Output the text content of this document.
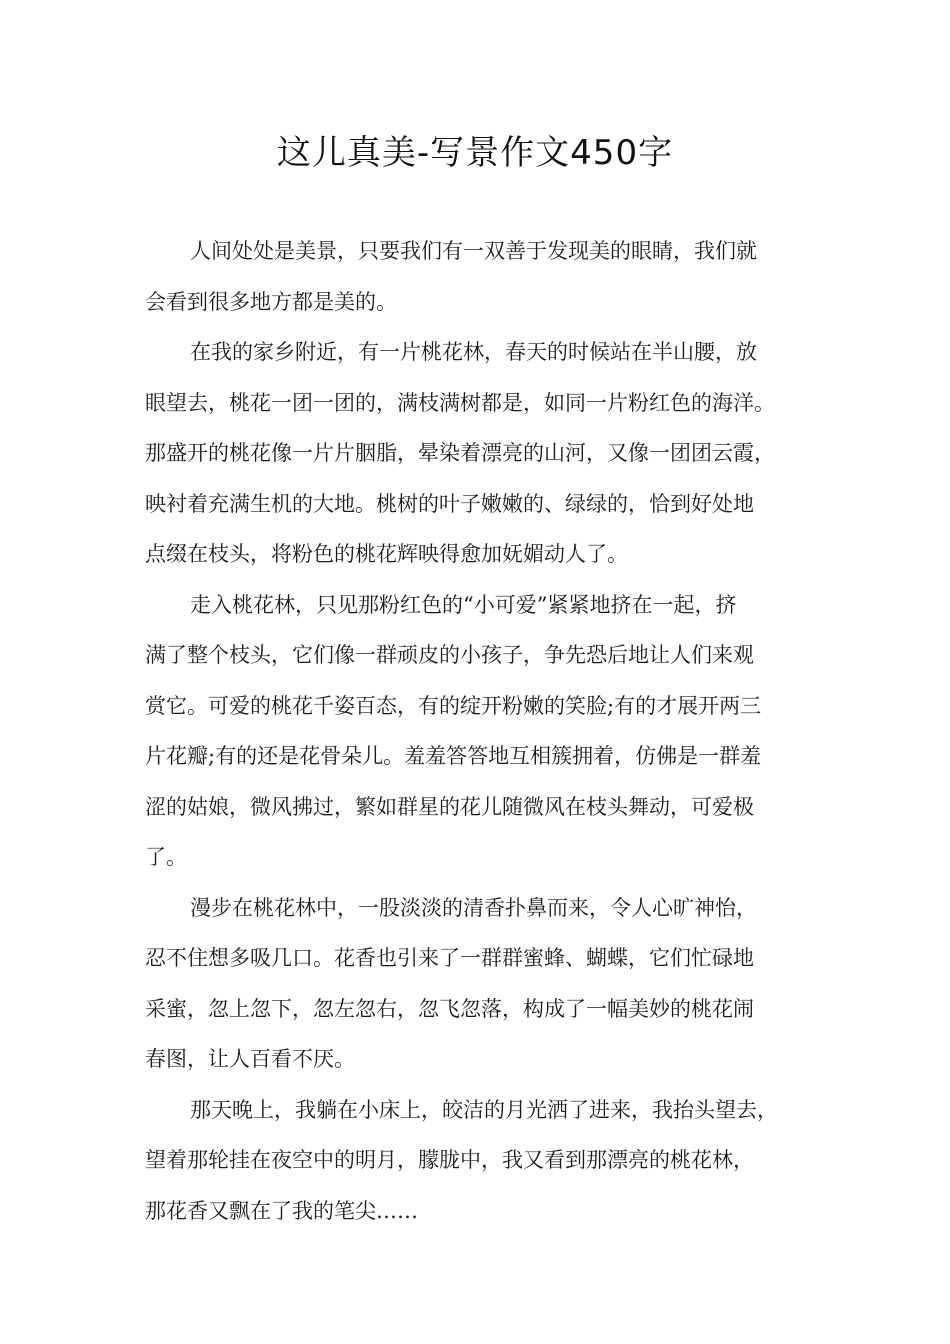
这儿真美-写景作文450字
人间处处是美景，只要我们有一双善于发现美的眼睛，我们就
会看到很多地方都是美的。
在我的家乡附近，有一片桃花林，春天的时候站在半山腰，放
眼望去，桃花一团一团的，满枝满树都是，如同一片粉红色的海洋。
那盛开的桃花像一片片胭脂，晕染着漂亮的山河，又像一团团云霞，
映衬着充满生机的大地。桃树的叶子嫩嫩的、绿绿的，恰到好处地
点缀在枝头，将粉色的桃花辉映得愈加妩媚动人了。
走入桃花林，只见那粉红色的“小可爱”紧紧地挤在一起，挤
满了整个枝头，它们像一群顽皮的小孩子，争先恐后地让人们来观
赏它。可爱的桃花千姿百态，有的绽开粉嫩的笑脸;有的才展开两三
片花瓣;有的还是花骨朵儿。羞羞答答地互相簇拥着，仿佛是一群羞
涩的姑娘，微风拂过，繁如群星的花儿随微风在枝头舞动，可爱极
了。
漫步在桃花林中，一股淡淡的清香扑鼻而来，令人心旷神怡，
忍不住想多吸几口。花香也引来了一群群蜜蜂、蝴蝶，它们忙碌地
采蜜，忽上忽下，忽左忽右，忽飞忽落，构成了一幅美妙的桃花闹
春图，让人百看不厌。
那天晚上，我躺在小床上，皎洁的月光洒了进来，我抬头望去，
望着那轮挂在夜空中的明月，朦胧中，我又看到那漂亮的桃花林，
那花香又飘在了我的笔尖……
